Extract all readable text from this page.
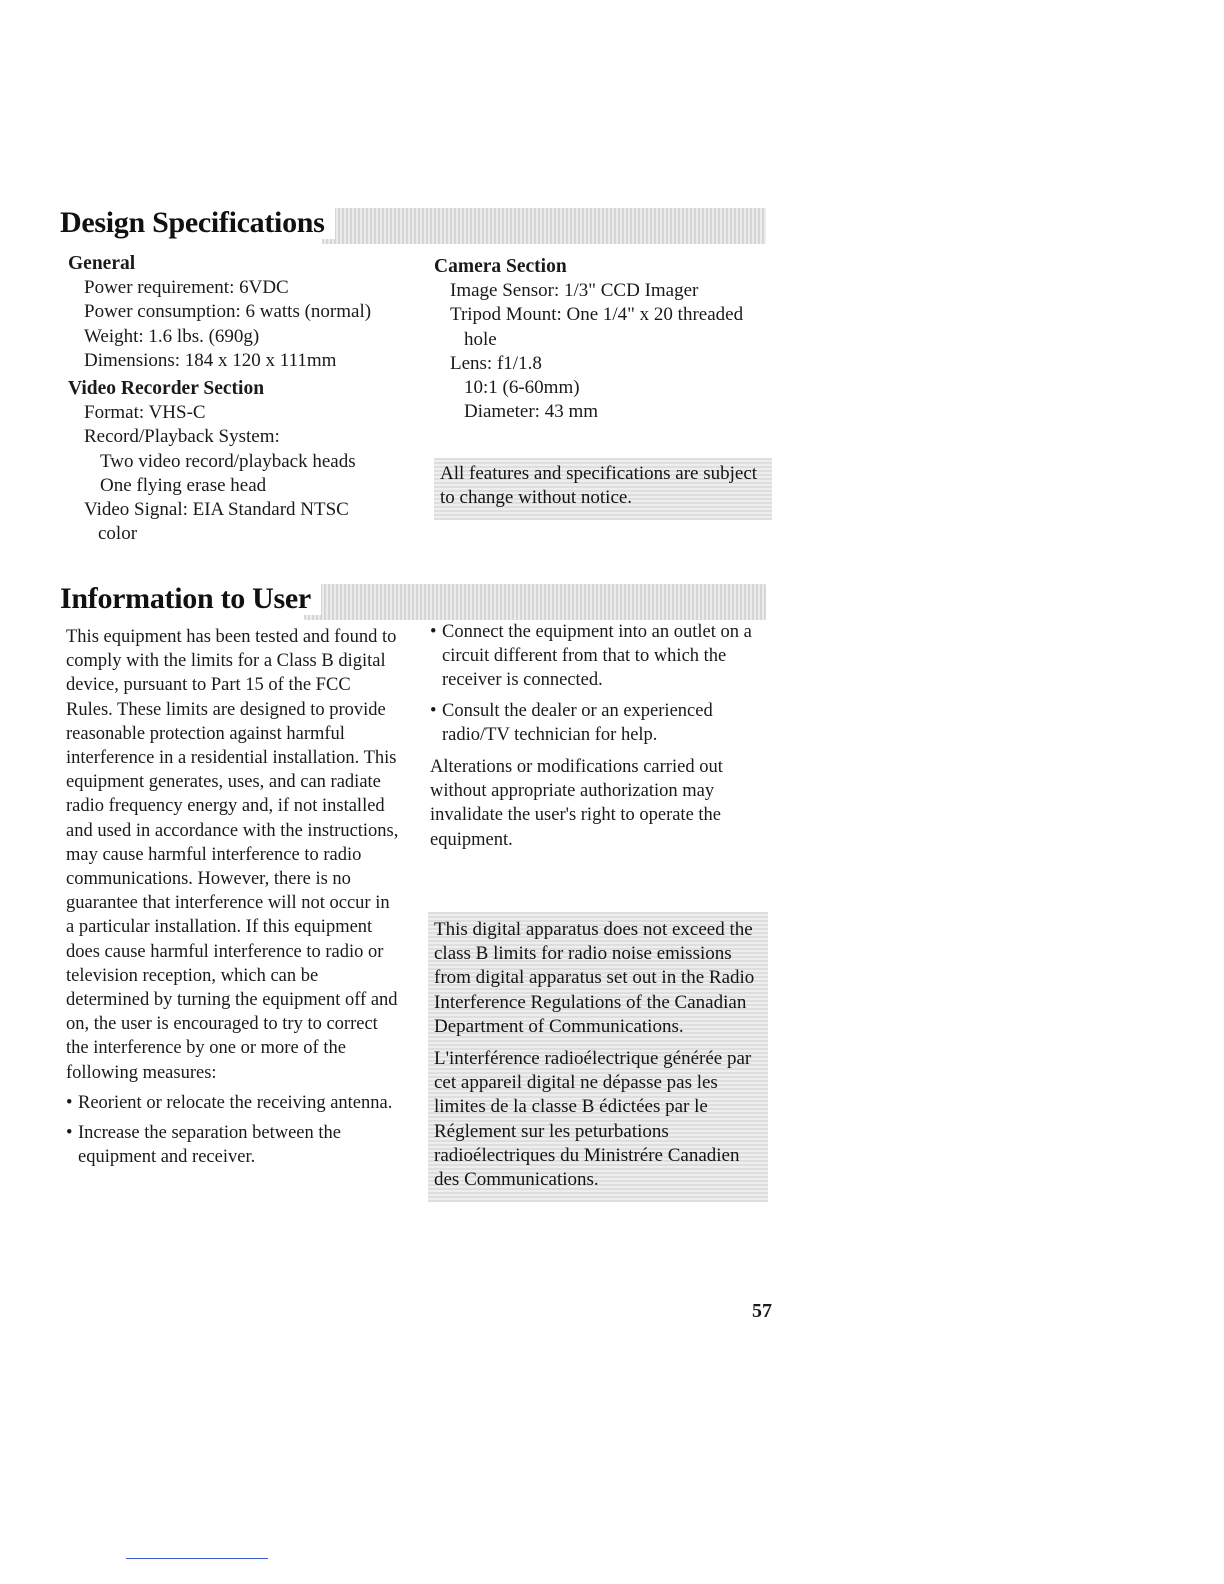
Design Specifications
General
Power requirement: 6VDC
Power consumption: 6 watts (normal)
Weight: 1.6 lbs. (690g)
Dimensions: 184 x 120 x 111mm
Video Recorder Section
Format: VHS-C
Record/Playback System:
Two video record/playback heads
One flying erase head
Video Signal: EIA Standard NTSC
color
Camera Section
Image Sensor: 1/3" CCD Imager
Tripod Mount: One 1/4" x 20 threaded
hole
Lens: f1/1.8
10:1 (6-60mm)
Diameter: 43 mm
All features and specifications are subject to change without notice.
Information to User

This equipment has been tested and found to comply with the limits for a Class B digital device, pursuant to Part 15 of the FCC Rules. These limits are designed to provide reasonable protection against harmful interference in a residential installation. This equipment generates, uses, and can radiate radio frequency energy and, if not installed and used in accordance with the instructions, may cause harmful interference to radio communications. However, there is no guarantee that interference will not occur in a particular installation. If this equipment does cause harmful interference to radio or television reception, which can be determined by turning the equipment off and on, the user is encouraged to try to correct the interference by one or more of the following measures:

• Reorient or relocate the receiving antenna.
• Increase the separation between the equipment and receiver.
• Connect the equipment into an outlet on a circuit different from that to which the receiver is connected.
• Consult the dealer or an experienced radio/TV technician for help.

Alterations or modifications carried out without appropriate authorization may invalidate the user's right to operate the equipment.

This digital apparatus does not exceed the class B limits for radio noise emissions from digital apparatus set out in the Radio Interference Regulations of the Canadian Department of Communications.

L'interférence radioélectrique générée par cet appareil digital ne dépasse pas les limites de la classe B édictées par le Réglement sur les peturbations radioélectriques du Ministrére Canadien des Communications.

57
